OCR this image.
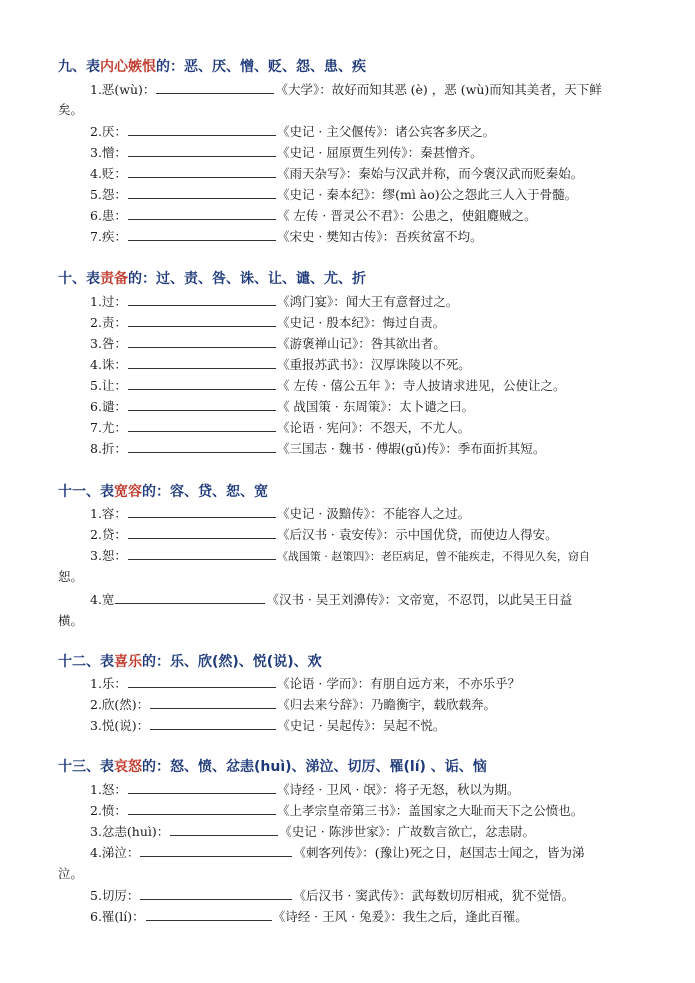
九、表内心嫉恨的：恶、厌、憎、贬、怨、患、疾
1.恶(wù)：	《大学》：故好而知其恶 (è) ，恶 (wù)而知其美者，天下鲜
矣。
2.厌：	《史记 · 主父偃传》：诸公宾客多厌之。
3.憎：	《史记 · 屈原贾生列传》：秦甚憎齐。
4.贬：	《雨天杂写》：秦始与汉武并称，而今褒汉武而贬秦始。
5.怨：	《史记 · 秦本纪》：缪(mì ào)公之怨此三人入于骨髓。
6.患：	《 左传 · 晋灵公不君》：公患之，使鉏麑贼之。
7.疾：	《宋史 · 樊知古传》：吾疾贫富不均。
十、表责备的：过、责、咎、诛、让、谴、尤、折
1.过：	《鸿门宴》：闻大王有意督过之。
2.责：	《史记 · 殷本纪》：悔过自责。
3.咎：	《游褒禅山记》：咎其欲出者。
4.诛：	《重报苏武书》：汉厚诛陵以不死。
5.让：	《 左传 · 僖公五年 》：寺人披请求进见，公使让之。
6.谴：	《 战国策 · 东周策》：太卜谴之曰。
7.尤：	《论语 · 宪问》：不怨天，不尤人。
8.折：	《三国志 · 魏书 · 傅嘏(gǔ)传》：季布面折其短。
十一、表宽容的：容、贷、恕、宽
1.容：	《史记 · 汲黯传》：不能容人之过。
2.贷：	《后汉书 · 袁安传》：示中国优贷，而使边人得安。
3.恕：	《战国策 · 赵策四》：老臣病足，曾不能疾走，不得见久矣，窃自
恕。
4.宽	《汉书 · 吴王刘濞传》：文帝宽，不忍罚，以此吴王日益
横。
十二、表喜乐的：乐、欣(然)、悦(说)、欢
1.乐：	《论语 · 学而》：有朋自远方来，不亦乐乎？
2.欣(然)：	《归去来兮辞》：乃瞻衡宇，载欣载奔。
3.悦(说)：	《史记 · 吴起传》：吴起不悦。
十三、表哀怒的：怒、愤、忿恚(huì)、涕泣、切厉、罹(lí) 、诟、恼
1.怒：	《诗经 · 卫风 · 氓》：将子无怒，秋以为期。
2.愤：	《上孝宗皇帝第三书》：盖国家之大耻而天下之公愤也。
3.忿恚(huì)：	《史记 · 陈涉世家》：广故数言欲亡，忿恚尉。
4.涕泣：	《刺客列传》：(豫让)死之日，赵国志士闻之，皆为涕
泣。
5.切厉：	《后汉书 · 窦武传》：武每数切厉相戒，犹不觉悟。
6.罹(lí)：	《诗经 · 王风 · 兔爰》：我生之后，逢此百罹。
